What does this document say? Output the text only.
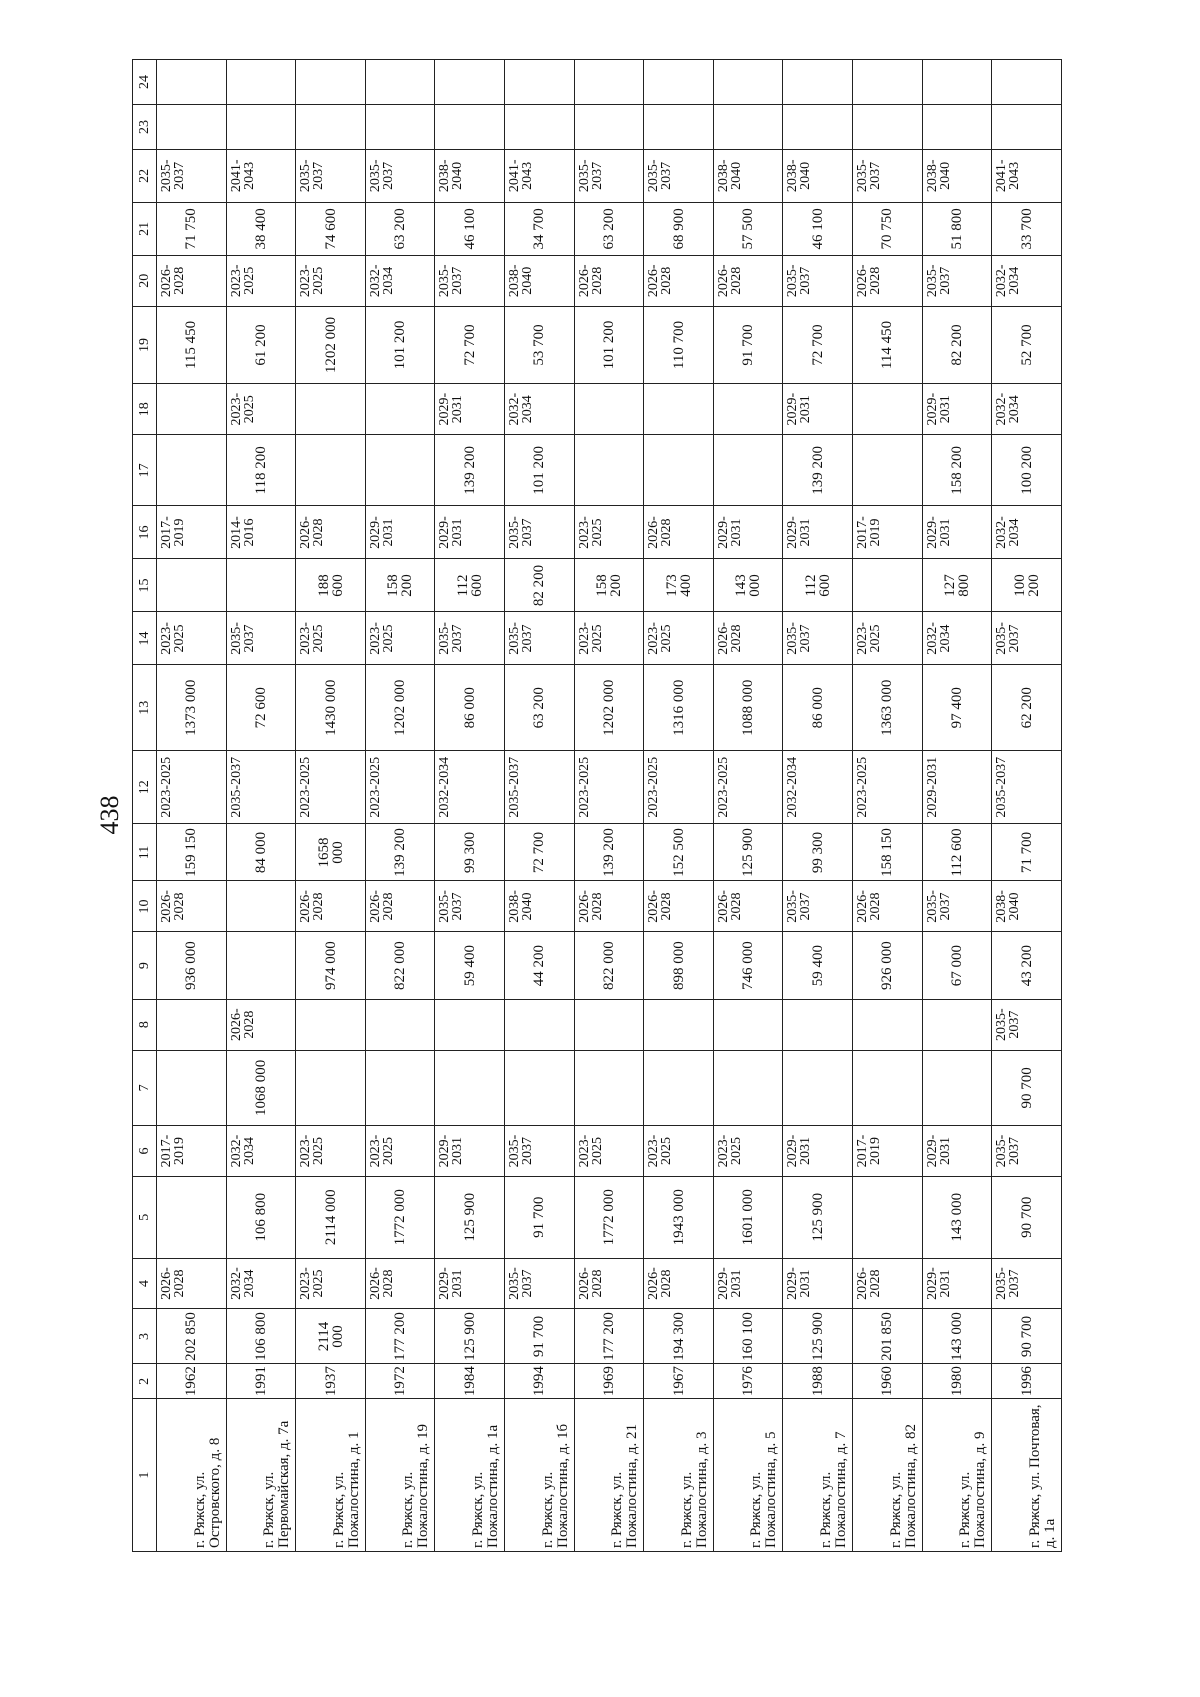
438
1	2	3	4	5	6	7	8	9	10	11	12	13	14	15	16	17	18	19	20	21	22	23	24
г. Ряжск, ул. Островского, д. 8	1962	202 850	2026-2028		2017-2019			936 000	2026-2028	159 150	2023-2025	1373 000	2023-2025		2017-2019			115 450	2026-2028	71 750	2035-2037		
г. Ряжск, ул. Первомайская, д. 7а	1991	106 800	2032-2034	106 800	2032-2034	1068 000	2026-2028			84 000	2035-2037	72 600	2035-2037		2014-2016	118 200	2023-2025	61 200	2023-2025	38 400	2041-2043		
г. Ряжск, ул. Пожалостина, д. 1	1937	2114 000	2023-2025	2114 000	2023-2025			974 000	2026-2028	1658 000	2023-2025	1430 000	2023-2025	188 600	2026-2028			1202 000	2023-2025	74 600	2035-2037		
г. Ряжск, ул. Пожалостина, д. 19	1972	177 200	2026-2028	1772 000	2023-2025			822 000	2026-2028	139 200	2023-2025	1202 000	2023-2025	158 200	2029-2031			101 200	2032-2034	63 200	2035-2037		
г. Ряжск, ул. Пожалостина, д. 1а	1984	125 900	2029-2031	125 900	2029-2031			59 400	2035-2037	99 300	2032-2034	86 000	2035-2037	112 600	2029-2031	139 200	2029-2031	72 700	2035-2037	46 100	2038-2040		
г. Ряжск, ул. Пожалостина, д. 1б	1994	91 700	2035-2037	91 700	2035-2037			44 200	2038-2040	72 700	2035-2037	63 200	2035-2037	82 200	2035-2037	101 200	2032-2034	53 700	2038-2040	34 700	2041-2043		
г. Ряжск, ул. Пожалостина, д. 21	1969	177 200	2026-2028	1772 000	2023-2025			822 000	2026-2028	139 200	2023-2025	1202 000	2023-2025	158 200	2023-2025			101 200	2026-2028	63 200	2035-2037		
г. Ряжск, ул. Пожалостина, д. 3	1967	194 300	2026-2028	1943 000	2023-2025			898 000	2026-2028	152 500	2023-2025	1316 000	2023-2025	173 400	2026-2028			110 700	2026-2028	68 900	2035-2037		
г. Ряжск, ул. Пожалостина, д. 5	1976	160 100	2029-2031	1601 000	2023-2025			746 000	2026-2028	125 900	2023-2025	1088 000	2026-2028	143 000	2029-2031			91 700	2026-2028	57 500	2038-2040		
г. Ряжск, ул. Пожалостина, д. 7	1988	125 900	2029-2031	125 900	2029-2031			59 400	2035-2037	99 300	2032-2034	86 000	2035-2037	112 600	2029-2031	139 200	2029-2031	72 700	2035-2037	46 100	2038-2040		
г. Ряжск, ул. Пожалостина, д. 82	1960	201 850	2026-2028		2017-2019			926 000	2026-2028	158 150	2023-2025	1363 000	2023-2025		2017-2019			114 450	2026-2028	70 750	2035-2037		
г. Ряжск, ул. Пожалостина, д. 9	1980	143 000	2029-2031	143 000	2029-2031			67 000	2035-2037	112 600	2029-2031	97 400	2032-2034	127 800	2029-2031	158 200	2029-2031	82 200	2035-2037	51 800	2038-2040		
г. Ряжск, ул. Почтовая, д. 1а	1996	90 700	2035-2037	90 700	2035-2037	90 700	2035-2037	43 200	2038-2040	71 700	2035-2037	62 200	2035-2037	100 200	2032-2034	100 200	2032-2034	52 700	2032-2034	33 700	2041-2043		
